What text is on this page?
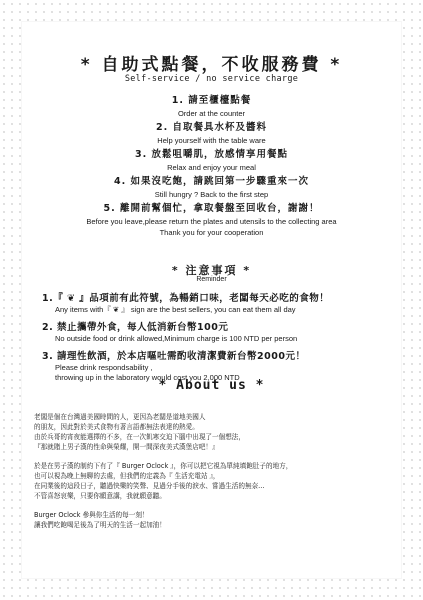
* 自助式點餐，不收服務費 *
Self-service / no service charge
1. 請至櫃檯點餐
Order at the counter
2. 自取餐具水杯及醬料
Help yourself with the table ware
3. 放鬆咀嚼肌，放感情享用餐點
Relax and enjoy your meal
4. 如果沒吃飽，請跳回第一步驟重來一次
Still hungry ? Back to the first step
5. 離開前幫個忙，拿取餐盤至回收台，謝謝！
Before you leave,please return the plates and utensils to the collecting area
Thank you for your cooperation
* 注意事項 *
Reminder
1.『 ❦ 』品項前有此符號，為暢銷口味，老闆每天必吃的食物！
Any items with『 ❦ 』 sign are the best sellers, you can eat them all day
2. 禁止攜帶外食，每人低消新台幣100元
No outside food or drink allowed,Minimum charge is 100 NTD per person
3. 請理性飲酒，於本店嘔吐需酌收清潔費新台幣2000元！
Please drink respondsability ,
throwing up in the laboratory would cost you 2,000 NTD
* About us *
老闆是個在台灣過美國時間的人，更因為老闆是道地美國人
的朋友，因此對於美式食物有著言語都無法表達的熱愛。
由於兵哥的宵夜能選擇的不多，在一次飢寒交迫下腦中出現了一個想法，
『那就賭上男子漢的性命與榮耀，開一間深夜美式漢堡店吧！』
於是在男子漢的制約下有了『 Burger Oclock 』，你可以把它視為單純填飽肚子的地方，
也可以視為晚上無聊的去處，但我們的定義為『 生活充電站 』，
在同業後的這段日子，聽過快樂的笑聲、見過分手後的淚水、嘗過生活的無奈...
不管喜怒哀樂，只要你願意講，我就願意聽。
Burger Oclock 參與你生活的每一刻！
讓我們吃飽喝足後為了明天的生活一起加油！
